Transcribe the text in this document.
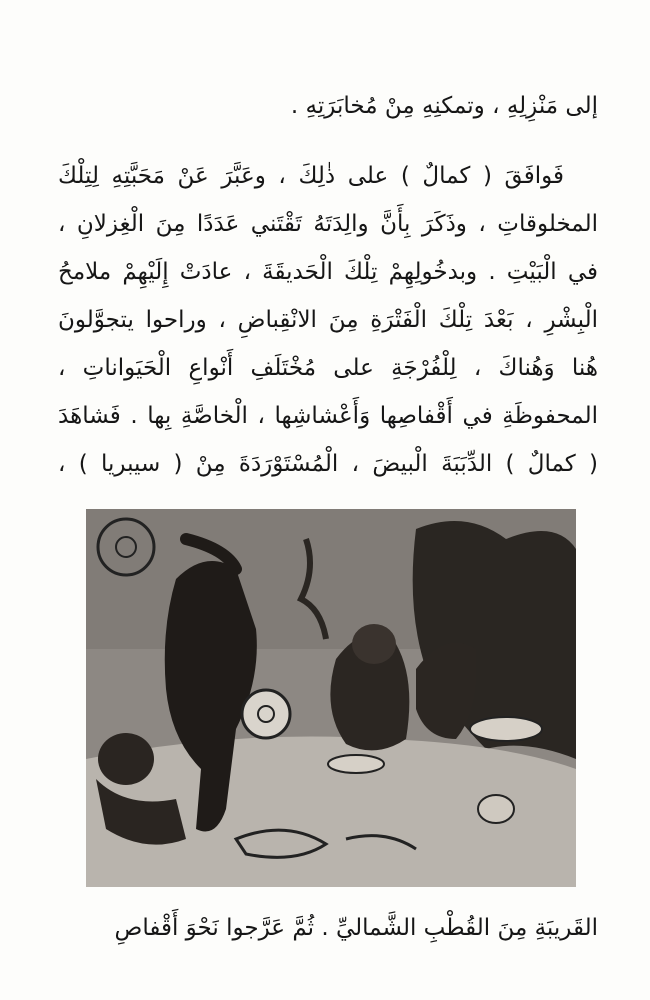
إلى مَنْزِلِهِ ، وتمكنِهِ مِنْ مُخابَرَتِهِ .
فَوافَقَ ( كمالٌ ) على ذٰلِكَ ، وعَبَّرَ عَنْ مَحَبَّتِهِ لِتِلْكَ
المخلوقاتِ ، وذَكَرَ بِأَنَّ والِدَتَهُ تَقْتَني عَدَدًا مِنَ الْغِزلانِ ،
في الْبَيْتِ . وبدخُولِهِمْ تِلْكَ الْحَديقَةَ ، عادَتْ إِلَيْهِمْ ملامحُ
الْبِشْرِ ، بَعْدَ تِلْكَ الْفَتْرَةِ مِنَ الانْقِباضِ ، وراحوا يتجوَّلونَ
هُنا وَهُناكَ ، لِلْفُرْجَةِ على مُخْتَلَفِ أَنْواعِ الْحَيَواناتِ ،
المحفوظَةِ في أَقْفاصِها وَأَعْشاشِها ، الْخاصَّةِ بِها . فَشاهَدَ
( كمالٌ ) الدِّبَبَةَ الْبيضَ ، الْمُسْتَوْرَدَةَ مِنْ ( سيبريا ) ،
القَريبَةِ مِنَ القُطْبِ الشَّماليِّ . ثُمَّ عَرَّجوا نَحْوَ أَقْفاصِ
